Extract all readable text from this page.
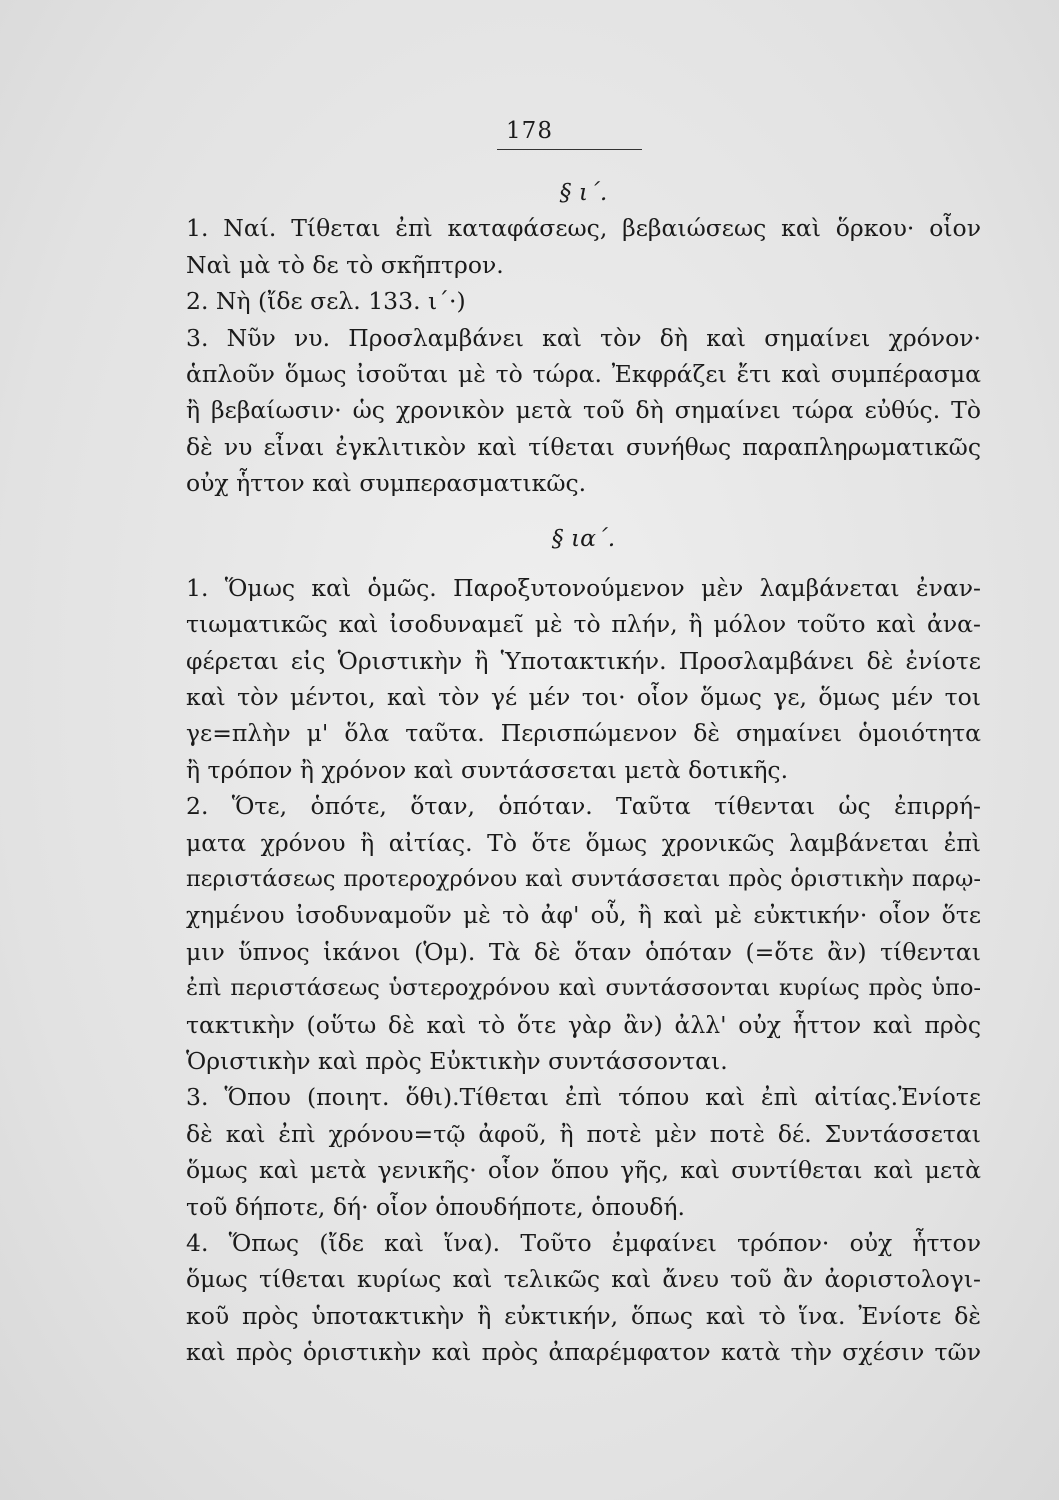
178
§ ι΄.
1. Ναί. Τίθεται ἐπὶ καταφάσεως, βεβαιώσεως καὶ ὅρκου· οἷον
Ναὶ μὰ τὸ δε τὸ σκῆπτρον.
2. Νὴ (ἴδε σελ. 133. ι΄·)
3. Νῦν νυ. Προσλαμβάνει καὶ τὸν δὴ καὶ σημαίνει χρόνον·
ἁπλοῦν ὅμως ἰσοῦται μὲ τὸ τώρα. Ἐκφράζει ἔτι καὶ συμπέρασμα
ἢ βεβαίωσιν· ὡς χρονικὸν μετὰ τοῦ δὴ σημαίνει τώρα εὐθύς. Τὸ
δὲ νυ εἶναι ἐγκλιτικὸν καὶ τίθεται συνήθως παραπληρωματικῶς
οὐχ ἧττον καὶ συμπερασματικῶς.
§ ια΄.
1. Ὅμως καὶ ὁμῶς. Παροξυτονούμενον μὲν λαμβάνεται ἐναν-
τιωματικῶς καὶ ἰσοδυναμεῖ μὲ τὸ πλήν, ἢ μόλον τοῦτο καὶ ἀνα-
φέρεται εἰς Ὁριστικὴν ἢ Ὑποτακτικήν. Προσλαμβάνει δὲ ἐνίοτε
καὶ τὸν μέντοι, καὶ τὸν γέ μέν τοι· οἷον ὅμως γε, ὅμως μέν τοι
γε=πλὴν μ' ὅλα ταῦτα. Περισπώμενον δὲ σημαίνει ὁμοιότητα
ἢ τρόπον ἢ χρόνον καὶ συντάσσεται μετὰ δοτικῆς.
2. Ὅτε, ὁπότε, ὅταν, ὁπόταν. Ταῦτα τίθενται ὡς ἐπιρρή-
ματα χρόνου ἢ αἰτίας. Τὸ ὅτε ὅμως χρονικῶς λαμβάνεται ἐπὶ
περιστάσεως προτεροχρόνου καὶ συντάσσεται πρὸς ὁριστικὴν παρῳ-
χημένου ἰσοδυναμοῦν μὲ τὸ ἀφ' οὗ, ἢ καὶ μὲ εὐκτικήν· οἷον ὅτε
μιν ὕπνος ἱκάνοι (Ὁμ). Τὰ δὲ ὅταν ὁπόταν (=ὅτε ἂν) τίθενται
ἐπὶ περιστάσεως ὑστεροχρόνου καὶ συντάσσονται κυρίως πρὸς ὑπο-
τακτικὴν (οὕτω δὲ καὶ τὸ ὅτε γὰρ ἂν) ἀλλ' οὐχ ἧττον καὶ πρὸς
Ὁριστικὴν καὶ πρὸς Εὐκτικὴν συντάσσονται.
3. Ὅπου (ποιητ. ὅθι).Τίθεται ἐπὶ τόπου καὶ ἐπὶ αἰτίας.Ἐνίοτε
δὲ καὶ ἐπὶ χρόνου=τῷ ἀφοῦ, ἢ ποτὲ μὲν ποτὲ δέ. Συντάσσεται
ὅμως καὶ μετὰ γενικῆς· οἷον ὅπου γῆς, καὶ συντίθεται καὶ μετὰ
τοῦ δήποτε, δή· οἷον ὁπουδήποτε, ὁπουδή.
4. Ὅπως (ἴδε καὶ ἵνα). Τοῦτο ἐμφαίνει τρόπον· οὐχ ἧττον
ὅμως τίθεται κυρίως καὶ τελικῶς καὶ ἄνευ τοῦ ἂν ἀοριστολογι-
κοῦ πρὸς ὑποτακτικὴν ἢ εὐκτικήν, ὅπως καὶ τὸ ἵνα. Ἐνίοτε δὲ
καὶ πρὸς ὁριστικὴν καὶ πρὸς ἀπαρέμφατον κατὰ τὴν σχέσιν τῶν
